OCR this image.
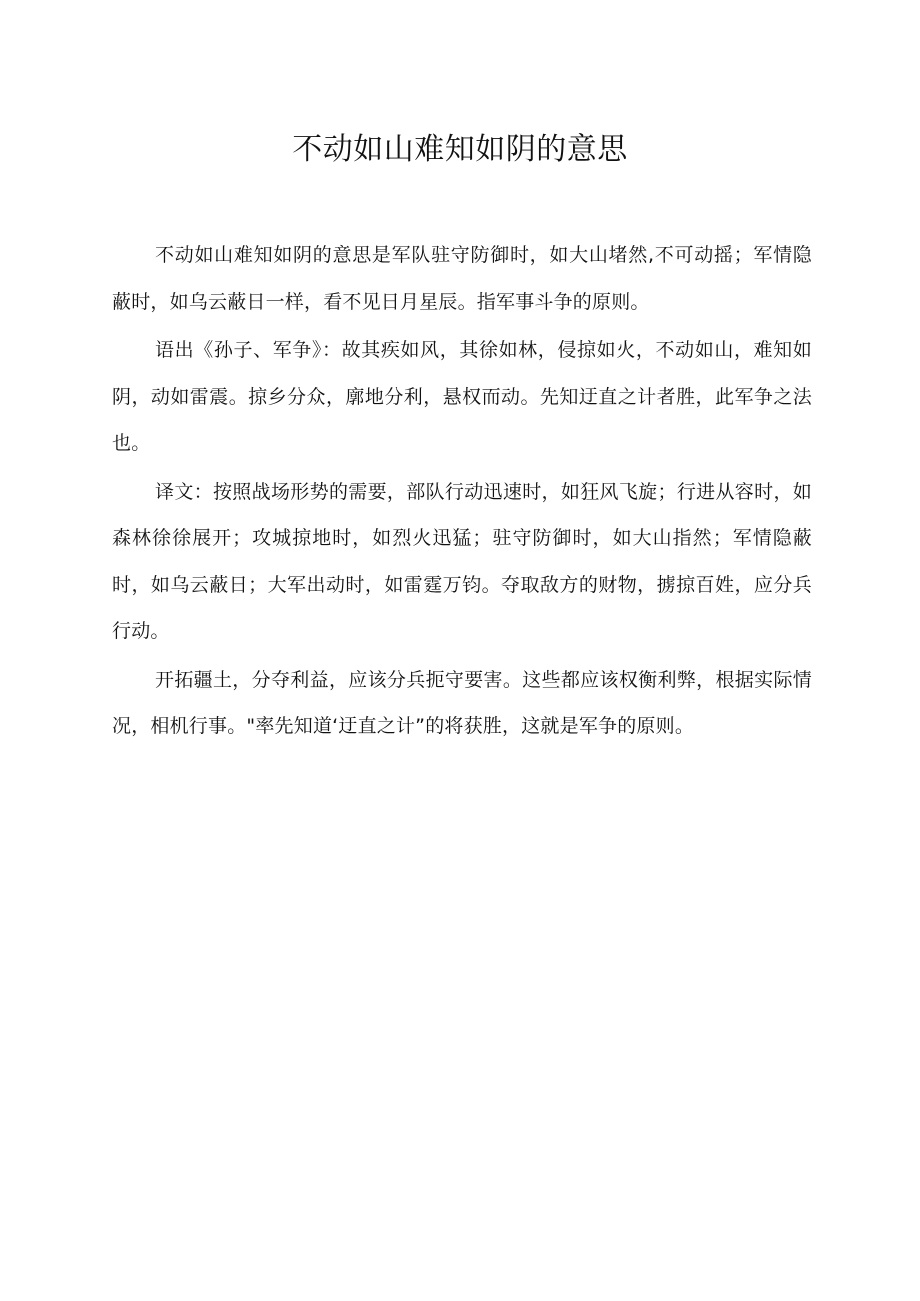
不动如山难知如阴的意思

不动如山难知如阴的意思是军队驻守防御时，如大山堵然,不可动摇；军情隐蔽时，如乌云蔽日一样，看不见日月星辰。指军事斗争的原则。

语出《孙子、军争》：故其疾如风，其徐如林，侵掠如火，不动如山，难知如阴，动如雷震。掠乡分众，廓地分利，悬权而动。先知迂直之计者胜，此军争之法也。

译文：按照战场形势的需要，部队行动迅速时，如狂风飞旋；行进从容时，如森林徐徐展开；攻城掠地时，如烈火迅猛；驻守防御时，如大山指然；军情隐蔽时，如乌云蔽日；大军出动时，如雷霆万钧。夺取敌方的财物，掳掠百姓，应分兵行动。

开拓疆土，分夺利益，应该分兵扼守要害。这些都应该权衡利弊，根据实际情况，相机行事。"率先知道‘迂直之计”的将获胜，这就是军争的原则。
